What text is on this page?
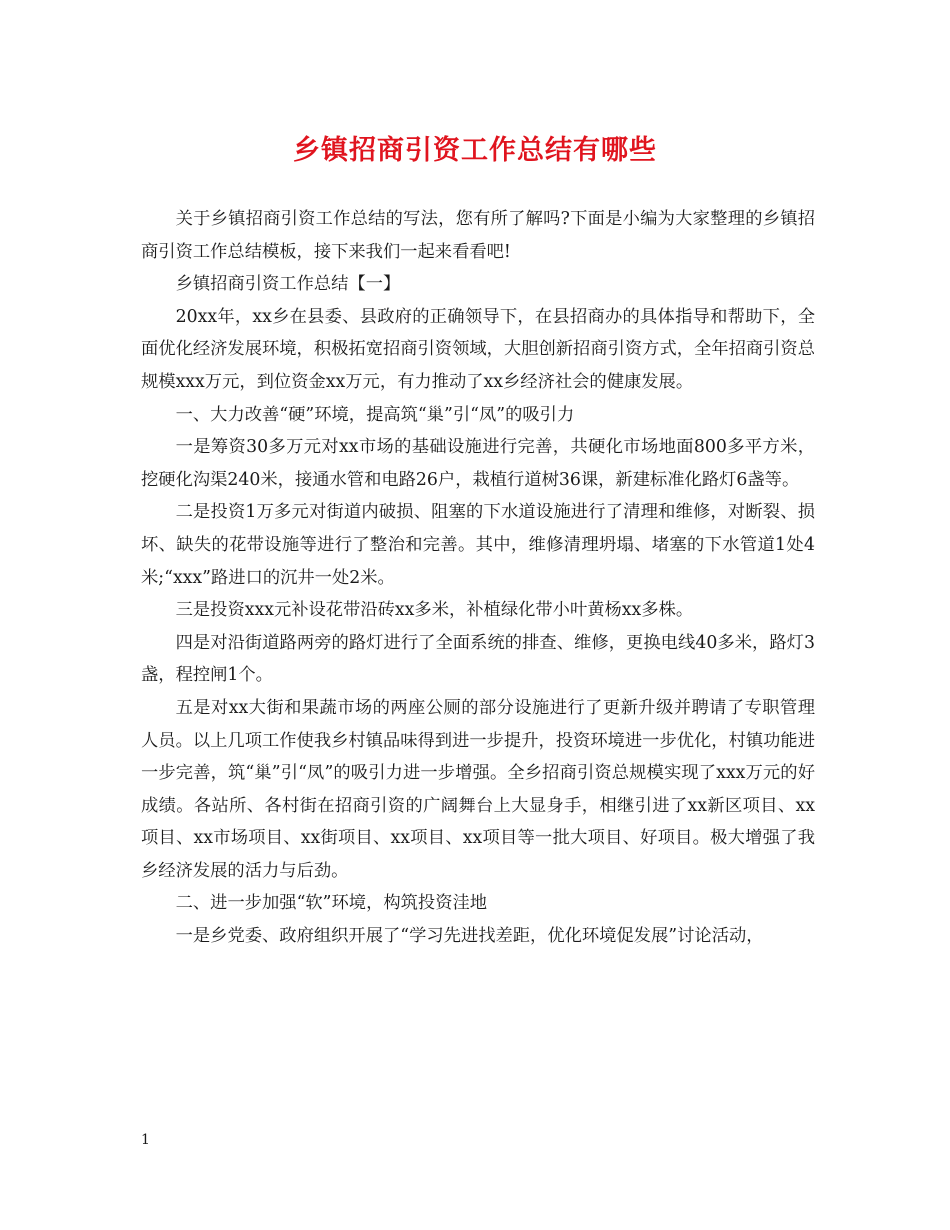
乡镇招商引资工作总结有哪些

关于乡镇招商引资工作总结的写法，您有所了解吗?下面是小编为大家整理的乡镇招商引资工作总结模板，接下来我们一起来看看吧!

乡镇招商引资工作总结【一】

20xx年，xx乡在县委、县政府的正确领导下，在县招商办的具体指导和帮助下，全面优化经济发展环境，积极拓宽招商引资领域，大胆创新招商引资方式，全年招商引资总规模xxx万元，到位资金xx万元，有力推动了xx乡经济社会的健康发展。

一、大力改善“硬”环境，提高筑“巢”引“凤”的吸引力

一是筹资30多万元对xx市场的基础设施进行完善，共硬化市场地面800多平方米，挖硬化沟渠240米，接通水管和电路26户，栽植行道树36课，新建标准化路灯6盏等。

二是投资1万多元对街道内破损、阻塞的下水道设施进行了清理和维修，对断裂、损坏、缺失的花带设施等进行了整治和完善。其中，维修清理坍塌、堵塞的下水管道1处4米;“xxx”路进口的沉井一处2米。

三是投资xxx元补设花带沿砖xx多米，补植绿化带小叶黄杨xx多株。

四是对沿街道路两旁的路灯进行了全面系统的排查、维修，更换电线40多米，路灯3盏，程控闸1个。

五是对xx大街和果蔬市场的两座公厕的部分设施进行了更新升级并聘请了专职管理人员。以上几项工作使我乡村镇品味得到进一步提升，投资环境进一步优化，村镇功能进一步完善，筑“巢”引“凤”的吸引力进一步增强。全乡招商引资总规模实现了xxx万元的好成绩。各站所、各村街在招商引资的广阔舞台上大显身手，相继引进了xx新区项目、xx项目、xx市场项目、xx街项目、xx项目、xx项目等一批大项目、好项目。极大增强了我乡经济发展的活力与后劲。

二、进一步加强“软”环境，构筑投资洼地

一是乡党委、政府组织开展了“学习先进找差距，优化环境促发展”讨论活动，

1
